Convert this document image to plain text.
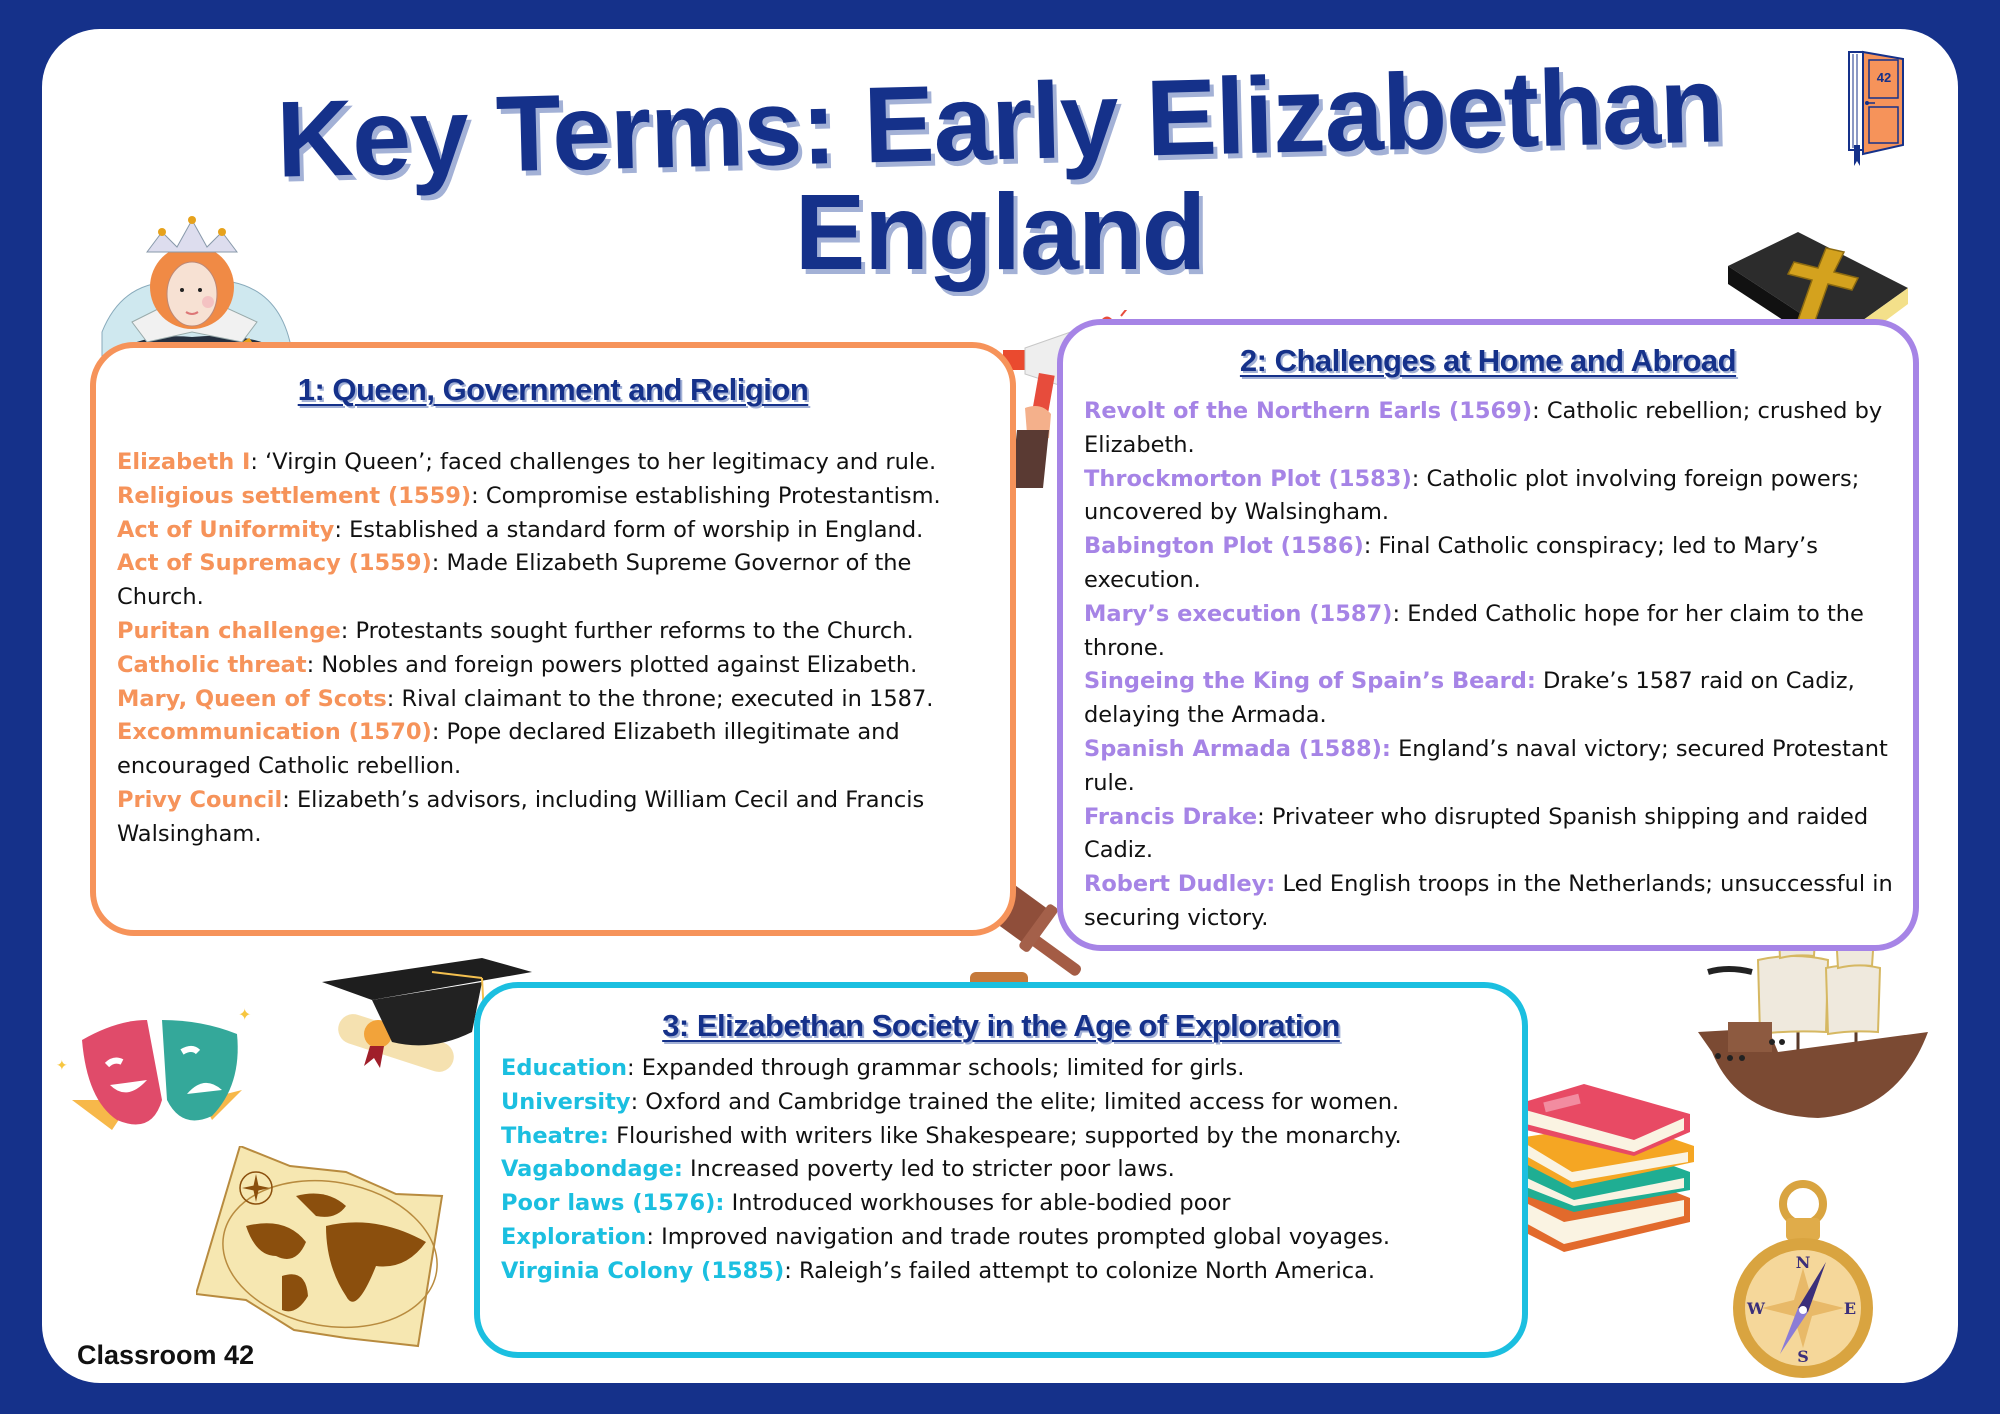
Key Terms: Early Elizabethan
England
42
✦
✦
N
E
S
W
1: Queen, Government and Religion
Elizabeth I: ‘Virgin Queen’; faced challenges to her legitimacy and rule.
Religious settlement (1559): Compromise establishing Protestantism.
Act of Uniformity: Established a standard form of worship in England.
Act of Supremacy (1559): Made Elizabeth Supreme Governor of the Church.
Puritan challenge: Protestants sought further reforms to the Church.
Catholic threat: Nobles and foreign powers plotted against Elizabeth.
Mary, Queen of Scots: Rival claimant to the throne; executed in 1587.
Excommunication (1570): Pope declared Elizabeth illegitimate and encouraged Catholic rebellion.
Privy Council: Elizabeth’s advisors, including William Cecil and Francis Walsingham.
2: Challenges at Home and Abroad
Revolt of the Northern Earls (1569): Catholic rebellion; crushed by Elizabeth.
Throckmorton Plot (1583): Catholic plot involving foreign powers; uncovered by Walsingham.
Babington Plot (1586): Final Catholic conspiracy; led to Mary’s execution.
Mary’s execution (1587): Ended Catholic hope for her claim to the throne.
Singeing the King of Spain’s Beard: Drake’s 1587 raid on Cadiz, delaying the Armada.
Spanish Armada (1588): England’s naval victory; secured Protestant rule.
Francis Drake: Privateer who disrupted Spanish shipping and raided Cadiz.
Robert Dudley: Led English troops in the Netherlands; unsuccessful in securing victory.
3: Elizabethan Society in the Age of Exploration
Education: Expanded through grammar schools; limited for girls.
University: Oxford and Cambridge trained the elite; limited access for women.
Theatre: Flourished with writers like Shakespeare; supported by the monarchy.
Vagabondage: Increased poverty led to stricter poor laws.
Poor laws (1576): Introduced workhouses for able-bodied poor
Exploration: Improved navigation and trade routes prompted global voyages.
Virginia Colony (1585): Raleigh’s failed attempt to colonize North America.
Classroom 42
